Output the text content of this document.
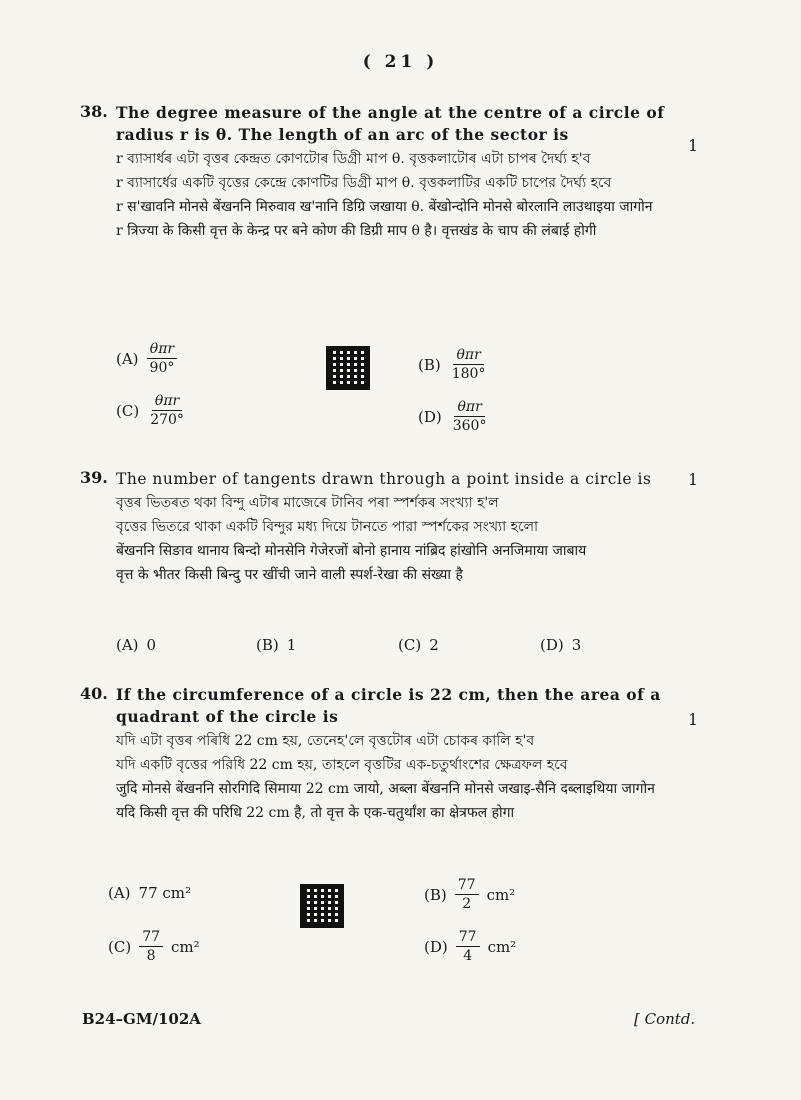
( 21 )
38. The degree measure of the angle at the centre of a circle of
radius r is θ. The length of an arc of the sector is
r ব্যাসাৰ্ধৰ এটা বৃত্তৰ কেন্দ্ৰত কোণটোৰ ডিগ্ৰী মাপ θ. বৃত্তকলাটোৰ এটা চাপৰ দৈৰ্ঘ্য হ'ব
r ব্যাসার্ধের একটি বৃত্তের কেন্দ্রে কোণটির ডিগ্রী মাপ θ. বৃত্তকলাটির একটি চাপের দৈর্ঘ্য হবে
r स'खावनि मोनसे बेंखननि मिरुवाव ख'नानि डिग्रि जखाया θ. बेंखोन्दोनि मोनसे बोरलानि लाउथाइया जागोन
r त्रिज्या के किसी वृत्त के केन्द्र पर बने कोण की डिग्री माप θ है। वृत्तखंड के चाप की लंबाई होगी
1
$(A) \frac{\text{θπr}}{90^\circ}$	$(B) \frac{\text{θπr}}{180^\circ}$
$(C) \frac{\text{θπr}}{270^\circ}$	$(D) \frac{\text{θπr}}{360^\circ}$
39. The number of tangents drawn through a point inside a circle is
বৃত্তৰ ভিতৰত থকা বিন্দু এটাৰ মাজেৰে টানিব পৰা স্পৰ্শকৰ সংখ্যা হ'ল
বৃত্তের ভিতরে থাকা একটি বিন্দুর মধ্য দিয়ে টানতে পারা স্পর্শকের সংখ্যা হলো
बेंखननि सिङाव थानाय बिन्दो मोनसेनि गेजेरजों बोनो हानाय नांब्रिद हांखोनि अनजिमाया जाबाय
वृत्त के भीतर किसी बिन्दु पर खींची जाने वाली स्पर्श-रेखा की संख्या है
1
(A) 0	(B) 1	(C) 2	(D) 3
40. If the circumference of a circle is 22 cm, then the area of a
quadrant of the circle is
যদি এটা বৃত্তৰ পৰিধি 22 cm হয়, তেনেহ'লে বৃত্তটোৰ এটা চোকৰ কালি হ'ব
যদি একটি বৃত্তের পরিধি 22 cm হয়, তাহলে বৃত্তটির এক-চতুর্থাংশের ক্ষেত্রফল হবে
जुदि मोनसे बेंखननि सोरगिदि सिमाया 22 cm जायो, अब्ला बेंखननि मोनसे जखाइ-सैनि दब्लाइथिया जागोन
यदि किसी वृत्त की परिधि 22 cm है, तो वृत्त के एक-चतुर्थांश का क्षेत्रफल होगा
1
(A) 77 cm²	$(B) \frac{77}{2} cm^2$
$(C) \frac{77}{8} cm^2$	$(D) \frac{77}{4} cm^2$
B24–GM/102A	[ Contd.
